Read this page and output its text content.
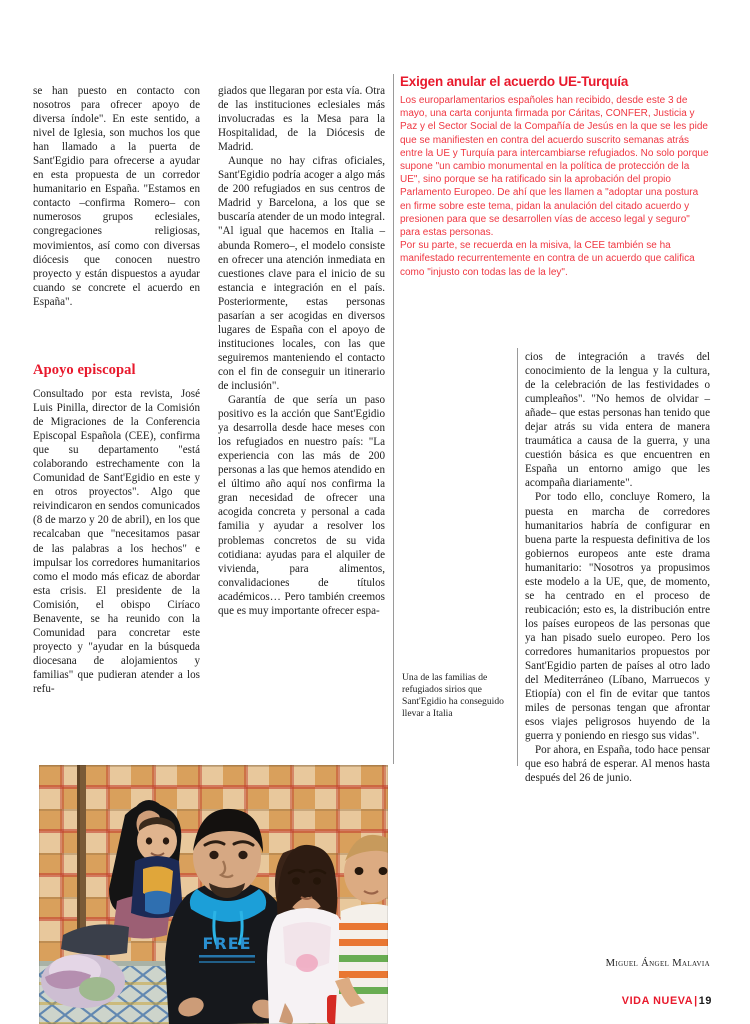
se han puesto en contacto con nosotros para ofrecer apoyo de diversa índole". En este sentido, a nivel de Iglesia, son muchos los que han llamado a la puerta de Sant'Egidio para ofrecerse a ayudar en esta propuesta de un corredor humanitario en España. "Estamos en contacto –confirma Romero– con numerosos grupos eclesiales, congregaciones religiosas, movimientos, así como con diversas diócesis que conocen nuestro proyecto y están dispuestos a ayudar cuando se concrete el acuerdo en España".

Apoyo episcopal

Consultado por esta revista, José Luis Pinilla, director de la Comisión de Migraciones de la Conferencia Episcopal Española (CEE), confirma que su departamento "está colaborando estrechamente con la Comunidad de Sant'Egidio en este y en otros proyectos". Algo que reivindicaron en sendos comunicados (8 de marzo y 20 de abril), en los que recalcaban que "necesitamos pasar de las palabras a los hechos" e impulsar los corredores humanitarios como el modo más eficaz de abordar esta crisis. El presidente de la Comisión, el obispo Ciríaco Benavente, se ha reunido con la Comunidad para concretar este proyecto y "ayudar en la búsqueda diocesana de alojamientos y familias" que pudieran atender a los refu-

giados que llegaran por esta vía. Otra de las instituciones eclesiales más involucradas es la Mesa para la Hospitalidad, de la Diócesis de Madrid.

Aunque no hay cifras oficiales, Sant'Egidio podría acoger a algo más de 200 refugiados en sus centros de Madrid y Barcelona, a los que se buscaría atender de un modo integral. "Al igual que hacemos en Italia –abunda Romero–, el modelo consiste en ofrecer una atención inmediata en cuestiones clave para el inicio de su estancia e integración en el país. Posteriormente, estas personas pasarían a ser acogidas en diversos lugares de España con el apoyo de instituciones locales, con las que seguiremos manteniendo el contacto con el fin de conseguir un itinerario de inclusión".

Garantía de que sería un paso positivo es la acción que Sant'Egidio ya desarrolla desde hace meses con los refugiados en nuestro país: "La experiencia con las más de 200 personas a las que hemos atendido en el último año aquí nos confirma la gran necesidad de ofrecer una acogida concreta y personal a cada familia y ayudar a resolver los problemas concretos de su vida cotidiana: ayudas para el alquiler de vivienda, para alimentos, convalidaciones de títulos académicos… Pero también creemos que es muy importante ofrecer espa-

Exigen anular el acuerdo UE-Turquía

Los europarlamentarios españoles han recibido, desde este 3 de mayo, una carta conjunta firmada por Cáritas, CONFER, Justicia y Paz y el Sector Social de la Compañía de Jesús en la que se les pide que se manifiesten en contra del acuerdo suscrito semanas atrás entre la UE y Turquía para intercambiarse refugiados. No solo porque supone "un cambio monumental en la política de protección de la UE", sino porque se ha ratificado sin la aprobación del propio Parlamento Europeo. De ahí que les llamen a "adoptar una postura en firme sobre este tema, pidan la anulación del citado acuerdo y presionen para que se desarrollen vías de acceso legal y seguro" para estas personas.

Por su parte, se recuerda en la misiva, la CEE también se ha manifestado recurrentemente en contra de un acuerdo que califica como "injusto con todas las de la ley".

cios de integración a través del conocimiento de la lengua y la cultura, de la celebración de las festividades o cumpleaños". "No hemos de olvidar –añade– que estas personas han tenido que dejar atrás su vida entera de manera traumática a causa de la guerra, y una cuestión básica es que encuentren en España un entorno amigo que les acompaña diariamente".

Por todo ello, concluye Romero, la puesta en marcha de corredores humanitarios habría de configurar en buena parte la respuesta definitiva de los gobiernos europeos ante este drama humanitario: "Nosotros ya propusimos este modelo a la UE, que, de momento, se ha centrado en el proceso de reubicación; esto es, la distribución entre los países europeos de las personas que ya han pisado suelo europeo. Pero los corredores humanitarios propuestos por Sant'Egidio parten de países al otro lado del Mediterráneo (Líbano, Marruecos y Etiopía) con el fin de evitar que tantos miles de personas tengan que afrontar esos viajes peligrosos huyendo de la guerra y poniendo en riesgo sus vidas".

Por ahora, en España, todo hace pensar que eso habrá de esperar. Al menos hasta después del 26 de junio.

Una de las familias de refugiados sirios que Sant'Egidio ha conseguido llevar a Italia
Miguel Ángel Malavia
VIDA NUEVA|19
FREE
